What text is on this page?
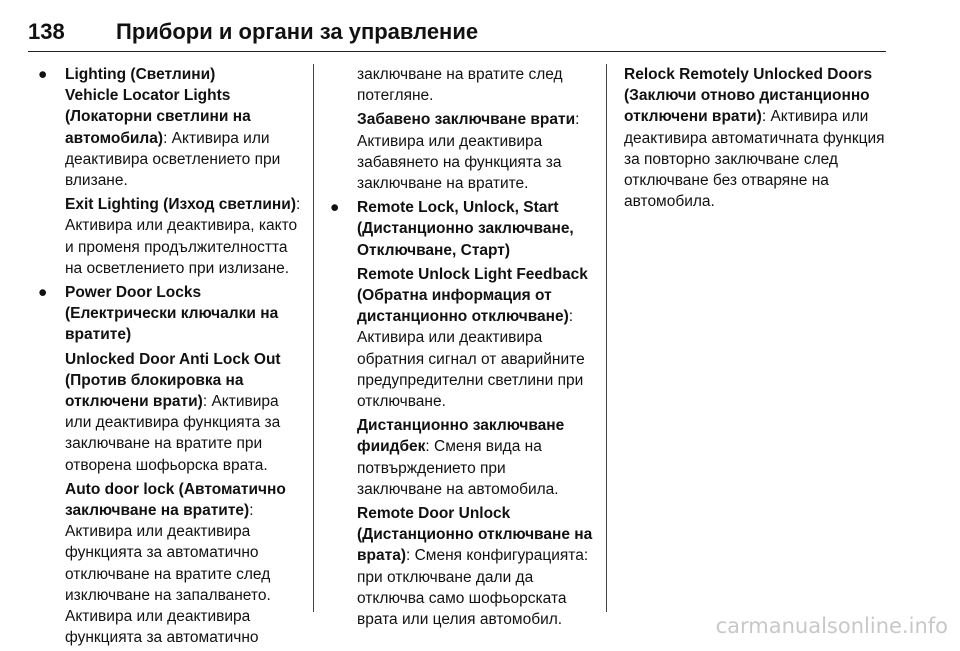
138	Прибори и органи за управление
● Lighting (Светлини)

Vehicle Locator Lights (Локаторни светлини на автомобила): Активира или деактивира осветлението при влизане.

Exit Lighting (Изход светлини): Активира или деактивира, както и променя продължителността на осветлението при излизане.

● Power Door Locks (Електрически ключалки на вратите)

Unlocked Door Anti Lock Out (Против блокировка на отключени врати): Активира или деактивира функцията за заключване на вратите при отворена шофьорска врата.

Auto door lock (Автоматично заключване на вратите): Активира или деактивира функцията за автоматично отключване на вратите след изключване на запалването. Активира или деактивира функцията за автоматично

заключване на вратите след потегляне.

Забавено заключване врати: Активира или деактивира забавянето на функцията за заключване на вратите.

● Remote Lock, Unlock, Start (Дистанционно заключване, Отключване, Старт)

Remote Unlock Light Feedback (Обратна информация от дистанционно отключване): Активира или деактивира обратния сигнал от аварийните предупредителни светлини при отключване.

Дистанционно заключване фиидбек: Сменя вида на потвърждението при заключване на автомобила.

Remote Door Unlock (Дистанционно отключване на врата): Сменя конфигурацията: при отключване дали да отключва само шофьорската врата или целия автомобил.

Relock Remotely Unlocked Doors (Заключи отново дистанционно отключени врати): Активира или деактивира автоматичната функция за повторно заключване след отключване без отваряне на автомобила.

carmanualsonline.info
